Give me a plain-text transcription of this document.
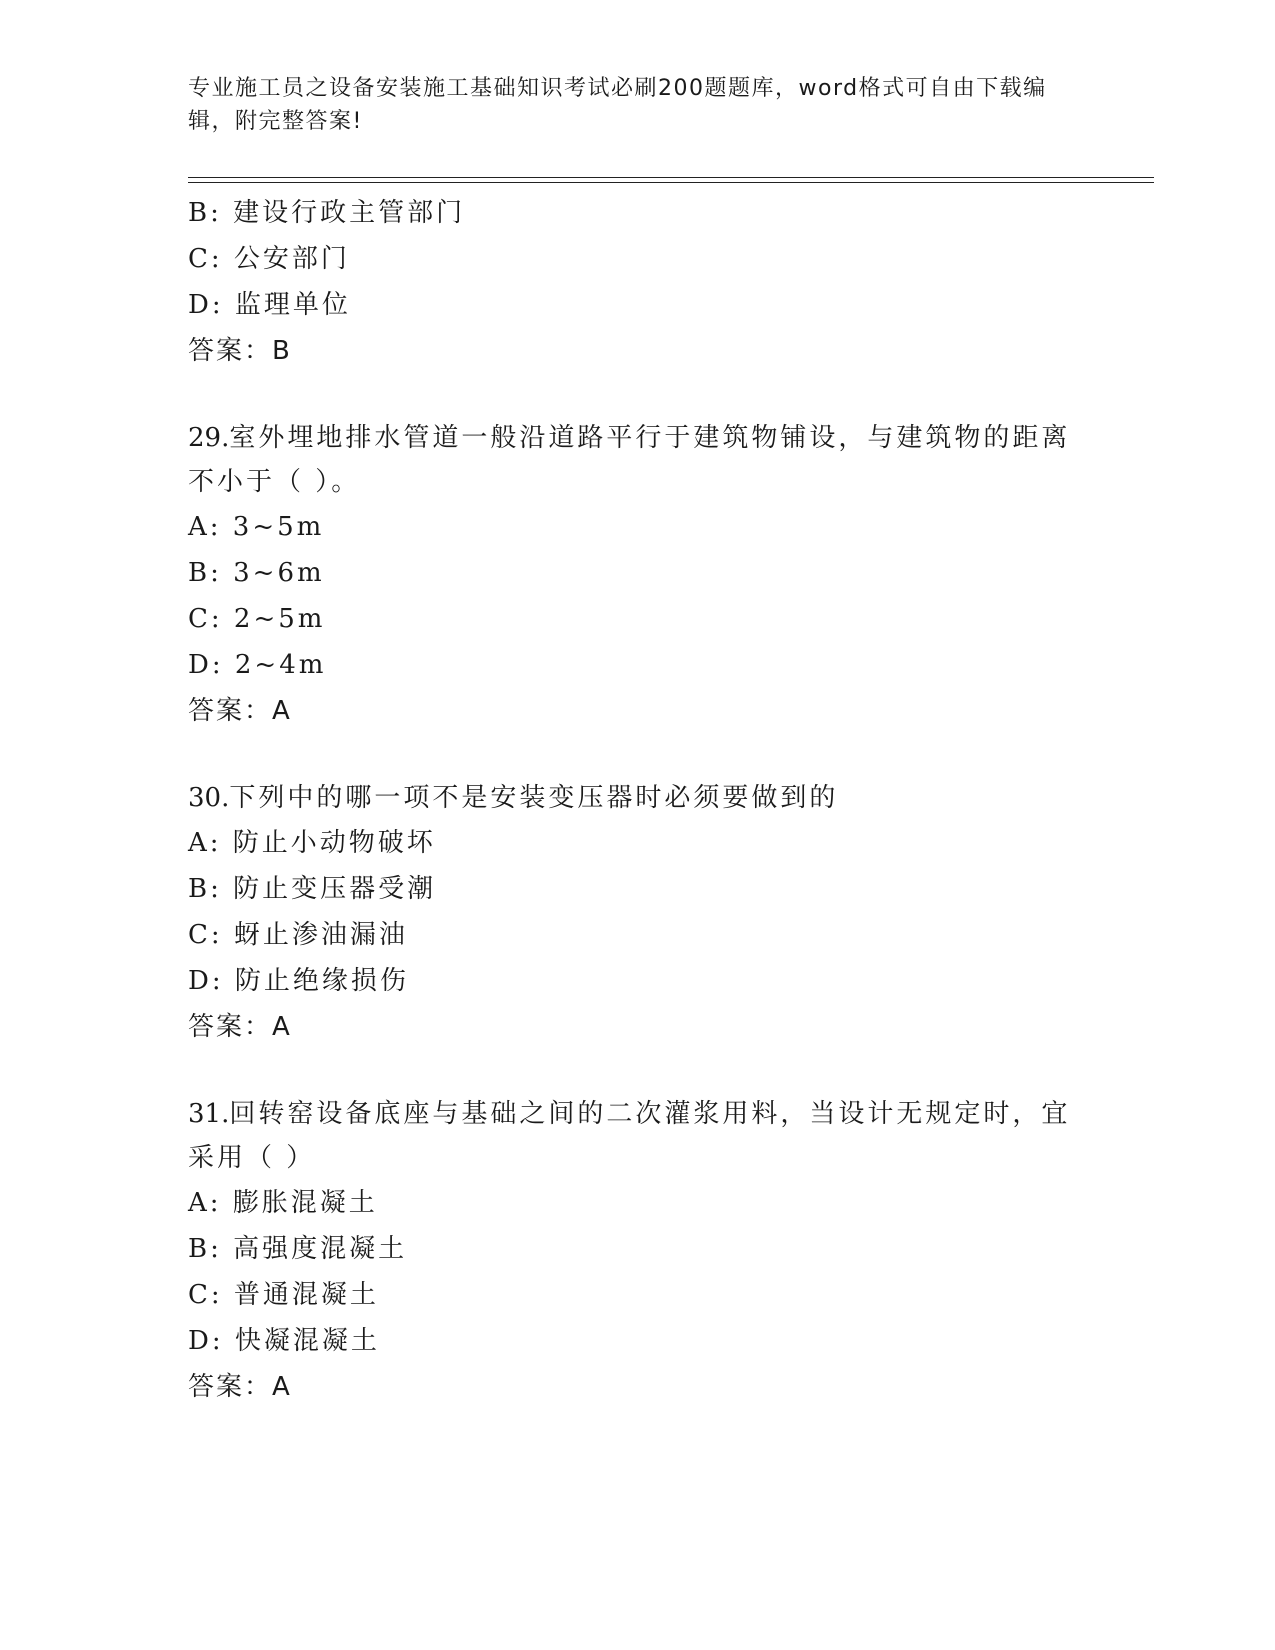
专业施工员之设备安装施工基础知识考试必刷200题题库，word格式可自由下载编辑，附完整答案!
B: 建设行政主管部门
C: 公安部门
D: 监理单位
答案：B
29.室外埋地排水管道一般沿道路平行于建筑物铺设，与建筑物的距离不小于（ ）。
A: 3~5m
B: 3~6m
C: 2~5m
D: 2~4m
答案：A
30.下列中的哪一项不是安装变压器时必须要做到的
A: 防止小动物破坏
B: 防止变压器受潮
C: 蚜止渗油漏油
D: 防止绝缘损伤
答案：A
31.回转窑设备底座与基础之间的二次灌浆用料，当设计无规定时，宜采用（ ）
A: 膨胀混凝土
B: 高强度混凝土
C: 普通混凝土
D: 快凝混凝土
答案：A
